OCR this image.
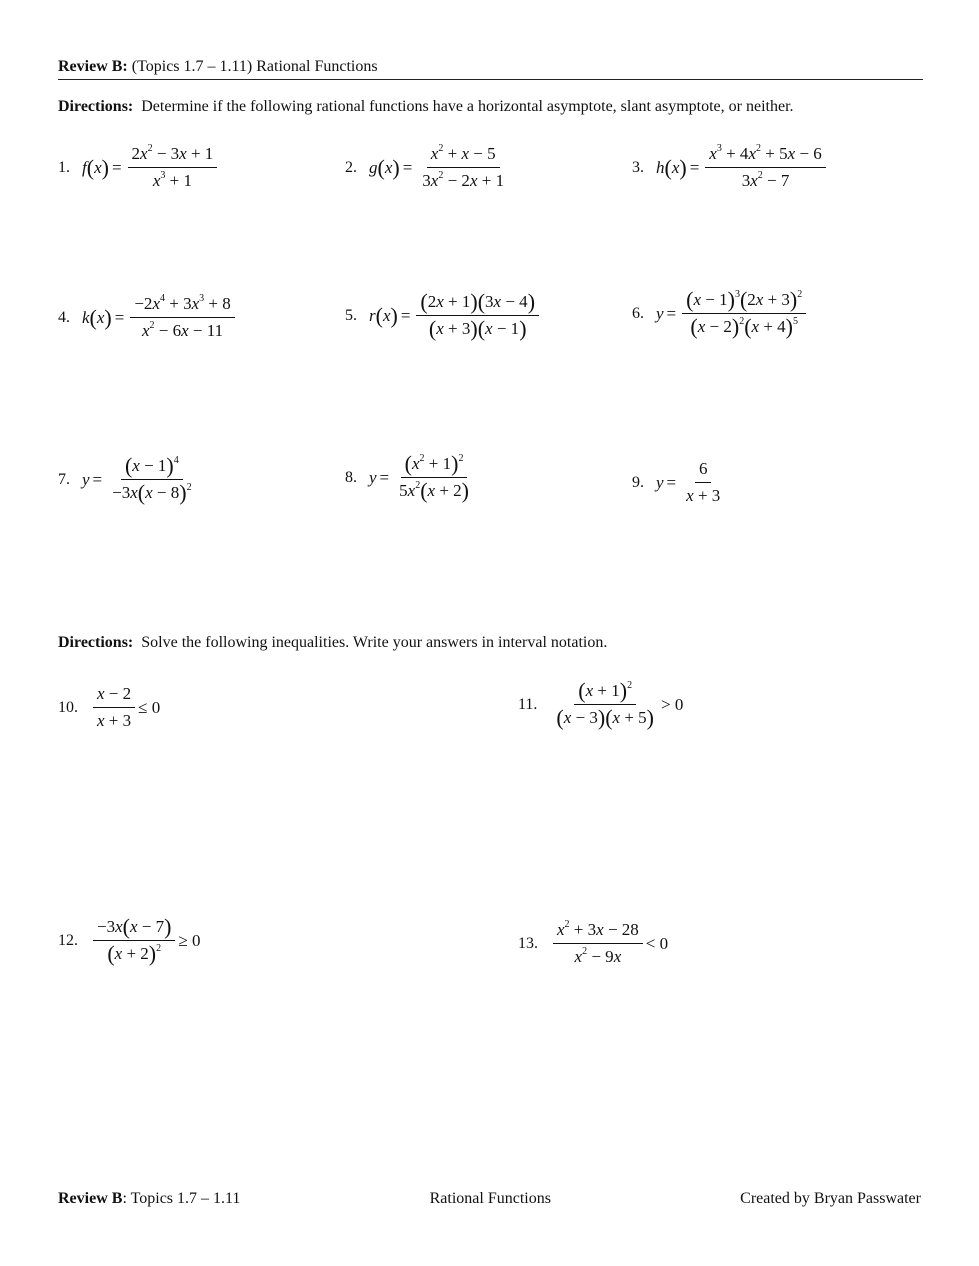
Review B: (Topics 1.7 – 1.11) Rational Functions
Directions: Determine if the following rational functions have a horizontal asymptote, slant asymptote, or neither.
1. $f(x) = \frac{2x^2 - 3x + 1}{x^3 + 1}$	2. $g(x) = \frac{x^2 + x - 5}{3x^2 - 2x + 1}$	3. $h(x) = \frac{x^3 + 4x^2 + 5x - 6}{3x^2 - 7}$
4. $k(x) = \frac{-2x^4 + 3x^3 + 8}{x^2 - 6x - 11}$	5. $r(x) = \frac{(2x + 1)(3x - 4)}{(x + 3)(x - 1)}$	6. $y = \frac{(x - 1)^3(2x + 3)^2}{(x - 2)^2(x + 4)^5}$
7. $y = \frac{(x - 1)^4}{-3x(x - 8)^2}$	8. $y = \frac{(x^2 + 1)^2}{5x^2(x + 2)}$	9. $y = \frac{6}{x + 3}$
Directions: Solve the following inequalities. Write your answers in interval notation.
10. $\frac{x - 2}{x + 3} \le 0$	11. $\frac{(x + 1)^2}{(x - 3)(x + 5)} > 0$
12. $\frac{-3x(x - 7)}{(x + 2)^2} \ge 0$	13. $\frac{x^2 + 3x - 28}{x^2 - 9x} < 0$
Review B: Topics 1.7 – 1.11	Rational Functions	Created by Bryan Passwater
